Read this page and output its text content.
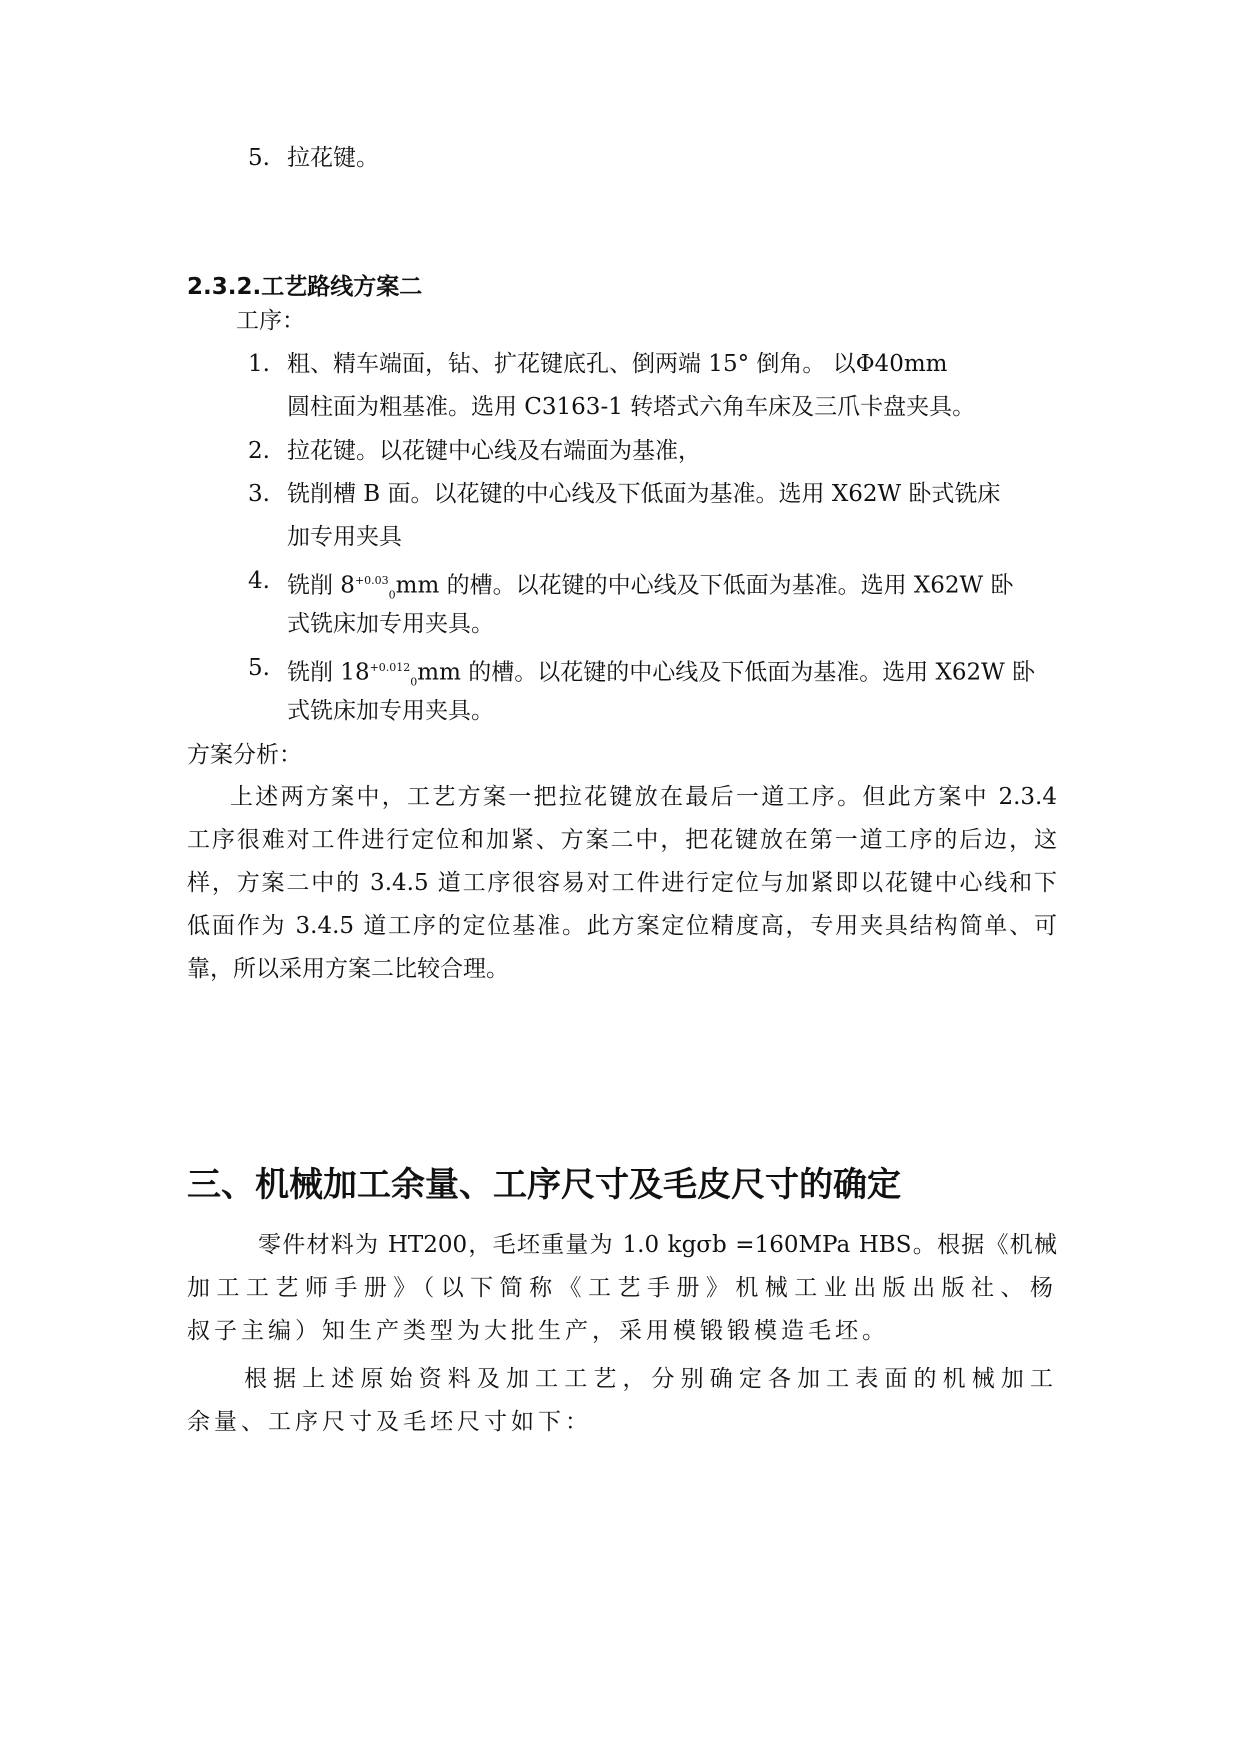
5. 拉花键。
2.3.2.工艺路线方案二
工序：
1. 粗、精车端面，钻、扩花键底孔、倒两端 15° 倒角。 以Φ40mm
圆柱面为粗基准。选用 C3163-1 转塔式六角车床及三爪卡盘夹具。
2. 拉花键。以花键中心线及右端面为基准，
3. 铣削槽 B 面。以花键的中心线及下低面为基准。选用 X62W 卧式铣床
加专用夹具
4. 铣削 $8^{+0.03}_0mm$ 的槽。以花键的中心线及下低面为基准。选用 X62W 卧
式铣床加专用夹具。
5. 铣削 $18^{+0.012}_0mm$ 的槽。以花键的中心线及下低面为基准。选用 X62W 卧
式铣床加专用夹具。
方案分析：
上述两方案中，工艺方案一把拉花键放在最后一道工序。但此方案中 2.3.4
工序很难对工件进行定位和加紧、方案二中，把花键放在第一道工序的后边，这
样，方案二中的 3.4.5 道工序很容易对工件进行定位与加紧即以花键中心线和下
低面作为 3.4.5 道工序的定位基准。此方案定位精度高，专用夹具结构简单、可
靠，所以采用方案二比较合理。
三、机械加工余量、工序尺寸及毛皮尺寸的确定
零件材料为 HT200，毛坯重量为 1.0 kgσb =160MPa HBS。根据《机械
加工工艺师手册》（以下简称《工艺手册》机械工业出版出版社、杨
叔子主编）知生产类型为大批生产，采用模锻锻模造毛坯。
根据上述原始资料及加工工艺，分别确定各加工表面的机械加工
余量、工序尺寸及毛坯尺寸如下：
